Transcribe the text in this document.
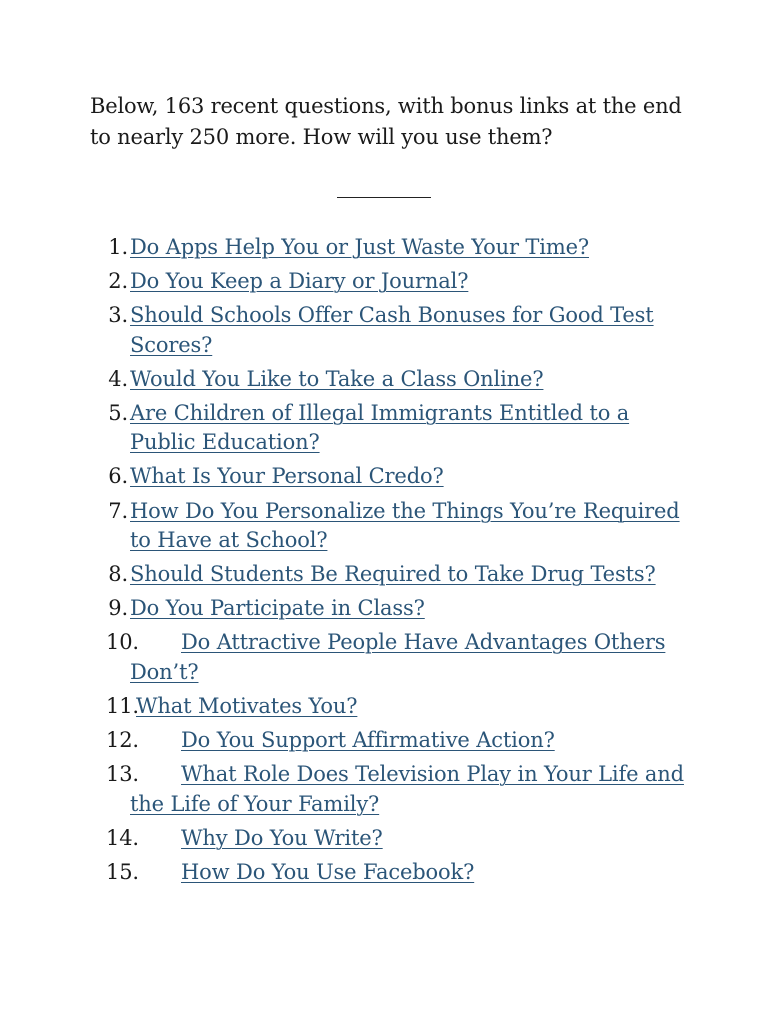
Below, 163 recent questions, with bonus links at the end to nearly 250 more. How will you use them?

1. Do Apps Help You or Just Waste Your Time?
2. Do You Keep a Diary or Journal?
3. Should Schools Offer Cash Bonuses for Good Test Scores?
4. Would You Like to Take a Class Online?
5. Are Children of Illegal Immigrants Entitled to a Public Education?
6. What Is Your Personal Credo?
7. How Do You Personalize the Things You’re Required to Have at School?
8. Should Students Be Required to Take Drug Tests?
9. Do You Participate in Class?
10.	Do Attractive People Have Advantages Others Don’t?
11.
What Motivates You?
12.	Do You Support Affirmative Action?
13.	What Role Does Television Play in Your Life and the Life of Your Family?
14.	Why Do You Write?
15.	How Do You Use Facebook?
